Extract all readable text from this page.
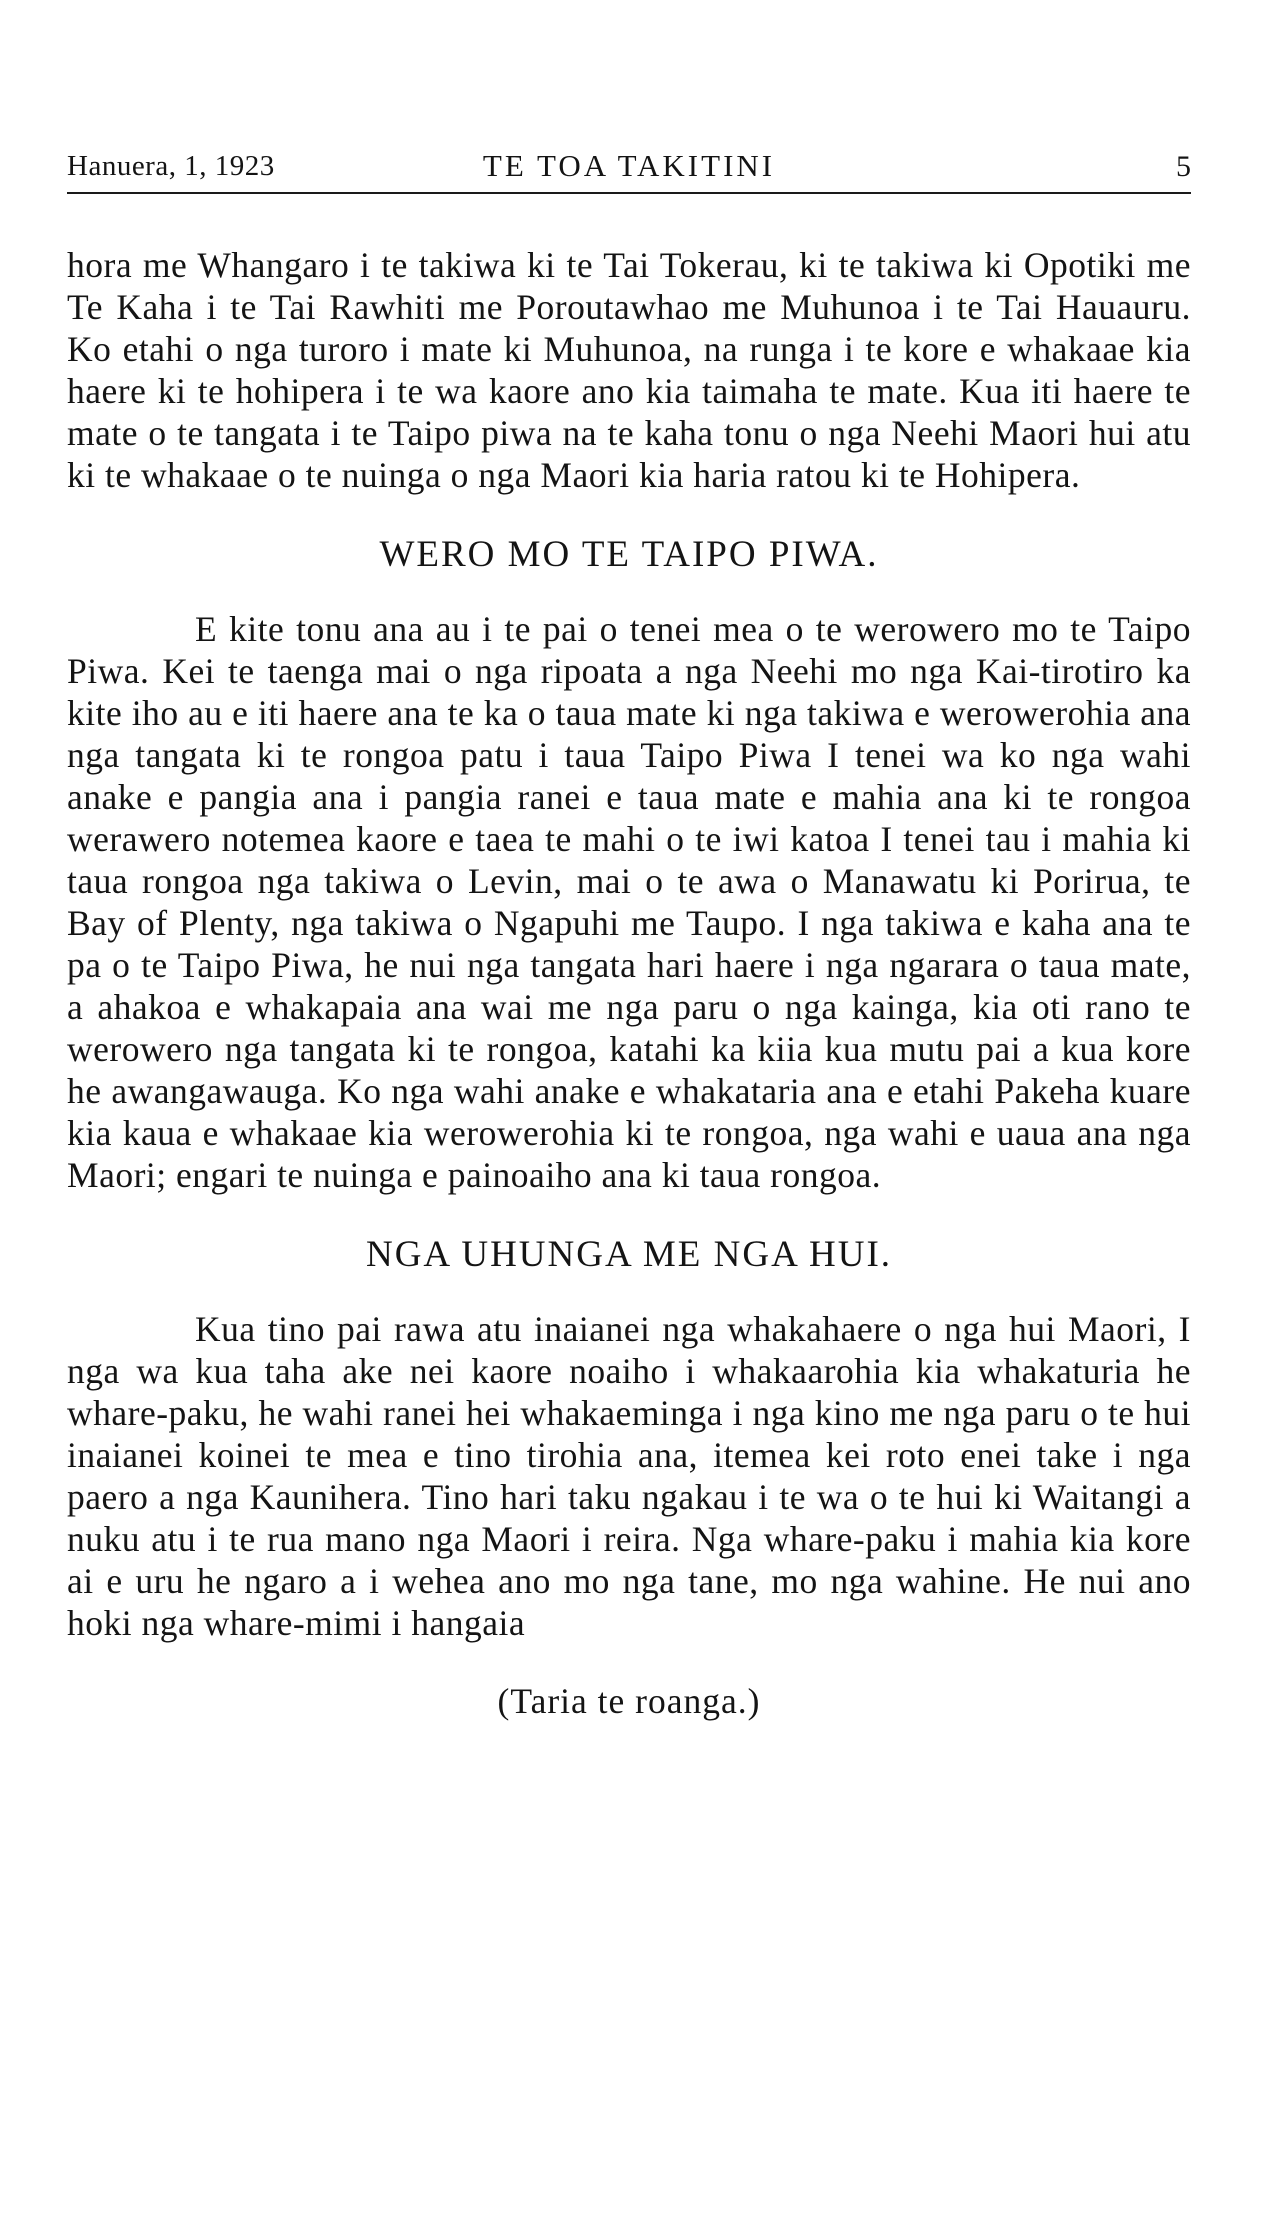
Hanuera, 1, 1923	TE TOA TAKITINI	5

hora me Whangaro i te takiwa ki te Tai Tokerau, ki te takiwa ki Opotiki me Te Kaha i te Tai Rawhiti me Poroutawhao me Muhunoa i te Tai Hauauru. Ko etahi o nga turoro i mate ki Muhunoa, na runga i te kore e whakaae kia haere ki te hohipera i te wa kaore ano kia taimaha te mate. Kua iti haere te mate o te tangata i te Taipo piwa na te kaha tonu o nga Neehi Maori hui atu ki te whakaae o te nuinga o nga Maori kia haria ratou ki te Hohipera.

WERO MO TE TAIPO PIWA.

E kite tonu ana au i te pai o tenei mea o te werowero mo te Taipo Piwa. Kei te taenga mai o nga ripoata a nga Neehi mo nga Kai-tirotiro ka kite iho au e iti haere ana te ka o taua mate ki nga takiwa e werowerohia ana nga tangata ki te rongoa patu i taua Taipo Piwa I tenei wa ko nga wahi anake e pangia ana i pangia ranei e taua mate e mahia ana ki te rongoa werawero notemea kaore e taea te mahi o te iwi katoa I tenei tau i mahia ki taua rongoa nga takiwa o Levin, mai o te awa o Manawatu ki Porirua, te Bay of Plenty, nga takiwa o Ngapuhi me Taupo. I nga takiwa e kaha ana te pa o te Taipo Piwa, he nui nga tangata hari haere i nga ngarara o taua mate, a ahakoa e whakapaia ana wai me nga paru o nga kainga, kia oti rano te werowero nga tangata ki te rongoa, katahi ka kiia kua mutu pai a kua kore he awangawauga. Ko nga wahi anake e whakataria ana e etahi Pakeha kuare kia kaua e whakaae kia werowerohia ki te rongoa, nga wahi e uaua ana nga Maori; engari te nuinga e painoaiho ana ki taua rongoa.

NGA UHUNGA ME NGA HUI.

Kua tino pai rawa atu inaianei nga whakahaere o nga hui Maori, I nga wa kua taha ake nei kaore noaiho i whakaarohia kia whakaturia he whare-paku, he wahi ranei hei whakaeminga i nga kino me nga paru o te hui inaianei koinei te mea e tino tirohia ana, itemea kei roto enei take i nga paero a nga Kaunihera. Tino hari taku ngakau i te wa o te hui ki Waitangi a nuku atu i te rua mano nga Maori i reira. Nga whare-paku i mahia kia kore ai e uru he ngaro a i wehea ano mo nga tane, mo nga wahine. He nui ano hoki nga whare-mimi i hangaia

(Taria te roanga.)
